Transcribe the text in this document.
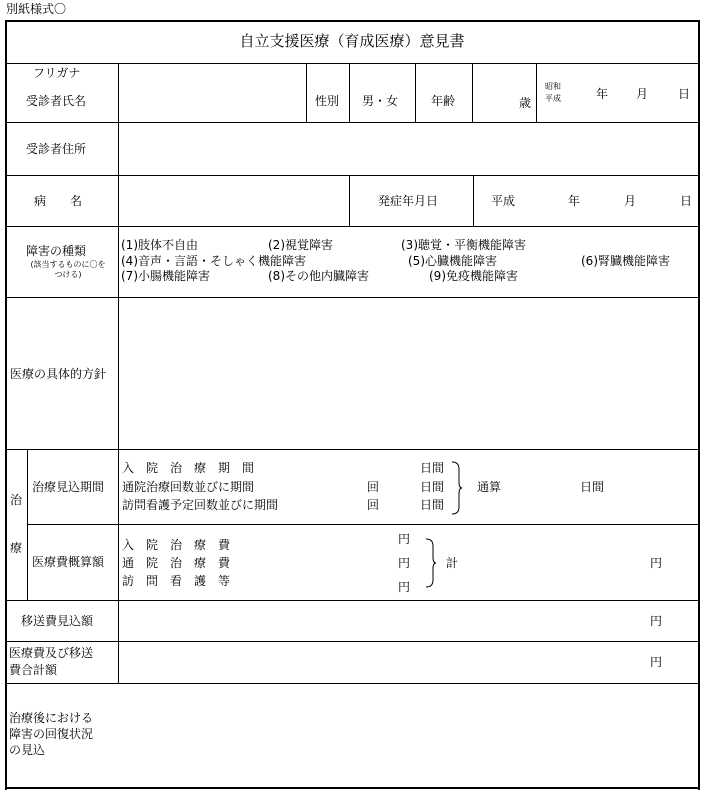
別紙様式〇
自立支援医療（育成医療）意見書
フリガナ
受診者氏名	性別 男・女	年齢	歳
昭和
平成	年 月 日
受診者住所
病　　名	発症年月日	平成	年	月	日
障害の種類
(該当するものに〇をつける)
(1)肢体不自由	(2)視覚障害	(3)聴覚・平衡機能障害
(4)音声・言語・そしゃく機能障害	(5)心臓機能障害	(6)腎臓機能障害
(7)小腸機能障害	(8)その他内臓障害	(9)免疫機能障害
医療の具体的方針
治
療
治療見込期間
入　院　治　療　期　間	日間
通院治療回数並びに期間	回	日間
訪問看護予定回数並びに期間	回	日間
通算	日間
医療費概算額
入　院　治　療　費	円
通　院　治　療　費	円
訪　問　看　護　等	円
計	円
移送費見込額	円
医療費及び移送
費合計額
円
治療後における
障害の回復状況
の見込
